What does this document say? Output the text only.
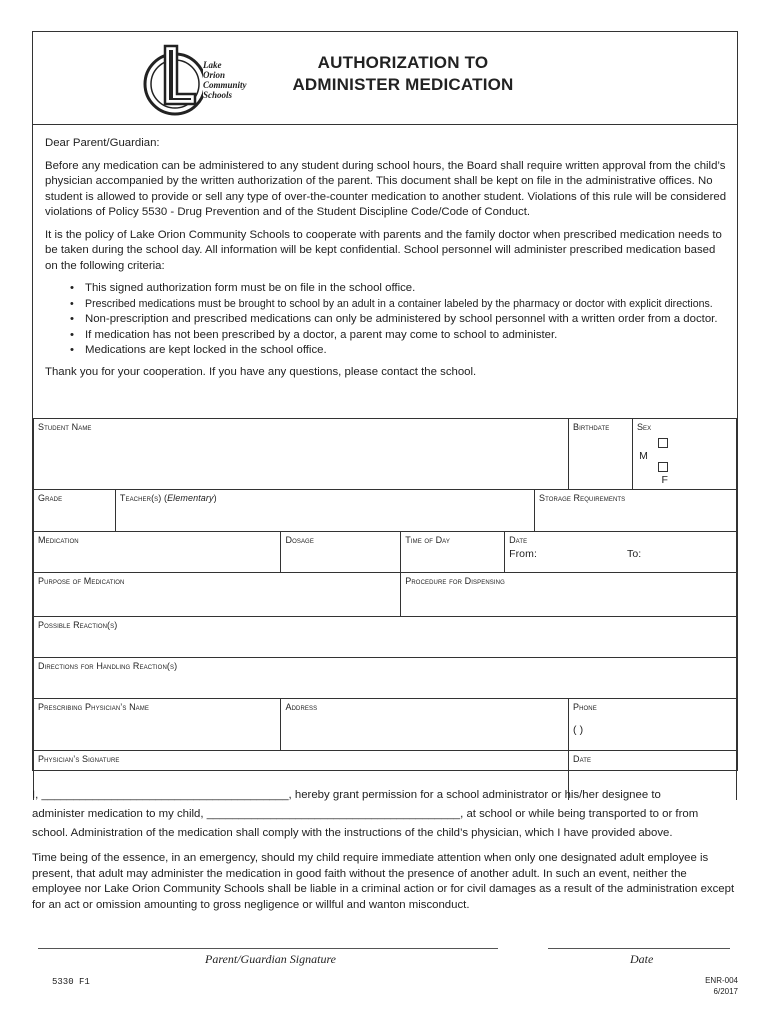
Lake
Orion
Community
Schools
AUTHORIZATION TO
ADMINISTER MEDICATION

Dear Parent/Guardian:

Before any medication can be administered to any student during school hours, the Board shall require written approval from the child’s physician accompanied by the written authorization of the parent. This document shall be kept on file in the administrative offices. No student is allowed to provide or sell any type of over-the-counter medication to another student. Violations of this rule will be considered violations of Policy 5530 - Drug Prevention and of the Student Discipline Code/Code of Conduct.

It is the policy of Lake Orion Community Schools to cooperate with parents and the family doctor when prescribed medication needs to be taken during the school day. All information will be kept confidential. School personnel will administer prescribed medication based on the following criteria:

• This signed authorization form must be on file in the school office.
• Prescribed medications must be brought to school by an adult in a container labeled by the pharmacy or doctor with explicit directions.
• Non-prescription and prescribed medications can only be administered by school personnel with a written order from a doctor.
• If medication has not been prescribed by a doctor, a parent may come to school to administer.
• Medications are kept locked in the school office.

Thank you for your cooperation. If you have any questions, please contact the school.

Student Name						Birthdate	Sex
M F

Grade	Teacher(s) (Elementary)				Storage Requirements		
Medication		Dosage	Time of Day	Date
From: To:			

Purpose of Medication			Procedure for Dispensing				
Possible Reaction(s)							
Directions for Handling Reaction(s)							
Prescribing Physician’s Name		Address				Phone
( )	

Physician’s Signature						Date	

I, _______________________________________, hereby grant permission for a school administrator or his/her designee to

administer medication to my child, ________________________________________, at school or while being transported to or from

school. Administration of the medication shall comply with the instructions of the child’s physician, which I have provided above.

Time being of the essence, in an emergency, should my child require immediate attention when only one designated adult employee is present, that adult may administer the medication in good faith without the presence of another adult. In such an event, neither the employee nor Lake Orion Community Schools shall be liable in a criminal action or for civil damages as a result of the administration except for an act or omission amounting to gross negligence or willful and wanton misconduct.

Parent/Guardian Signature	Date
5330 F1	ENR-004
6/2017
